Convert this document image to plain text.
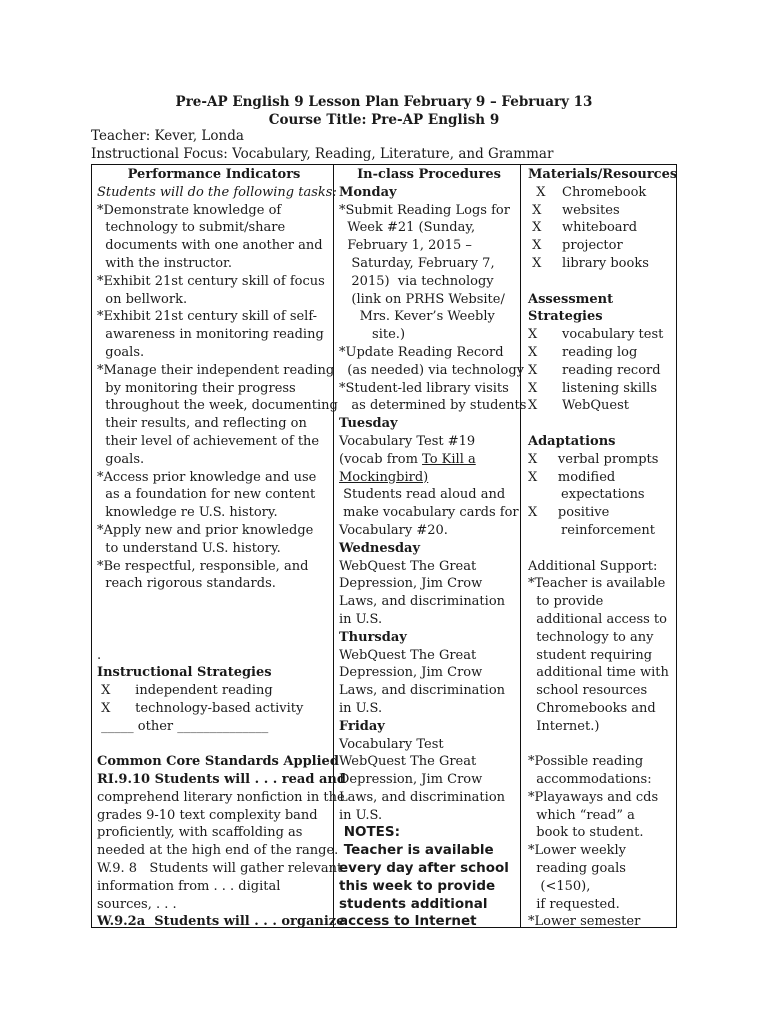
Pre-AP English 9 Lesson Plan February 9 – February 13
Course Title: Pre-AP English 9
Teacher: Kever, Londa
Instructional Focus: Vocabulary, Reading, Literature, and Grammar
Performance Indicators
Students will do the following tasks:
*Demonstrate knowledge of
technology to submit/share
documents with one another and
with the instructor.
*Exhibit 21st century skill of focus
on bellwork.
*Exhibit 21st century skill of self-
awareness in monitoring reading
goals.
*Manage their independent reading
by monitoring their progress
throughout the week, documenting
their results, and reflecting on
their level of achievement of the
goals.
*Access prior knowledge and use
as a foundation for new content
knowledge re U.S. history.
*Apply new and prior knowledge
to understand U.S. history.
*Be respectful, responsible, and
reach rigorous standards.
.
Instructional Strategies
X      independent reading
X      technology-based activity
_____ other ______________
Common Core Standards Applied
RI.9.10 Students will . . . read and
comprehend literary nonfiction in the
grades 9-10 text complexity band
proficiently, with scaffolding as
needed at the high end of the range.
W.9. 8   Students will gather relevant
information from . . . digital
sources, . . .
W.9.2a  Students will . . . organize
In-class Procedures
Monday
*Submit Reading Logs for
Week #21 (Sunday,
February 1, 2015 –
Saturday, February 7,
2015)  via technology
(link on PRHS Website/
Mrs. Kever’s Weebly
site.)
*Update Reading Record
(as needed) via technology
*Student-led library visits
as determined by students
Tuesday
Vocabulary Test #19
(vocab from To Kill a
Mockingbird)
Students read aloud and
make vocabulary cards for
Vocabulary #20.
Wednesday
WebQuest The Great
Depression, Jim Crow
Laws, and discrimination
in U.S.
Thursday
WebQuest The Great
Depression, Jim Crow
Laws, and discrimination
in U.S.
Friday
Vocabulary Test
WebQuest The Great
Depression, Jim Crow
Laws, and discrimination
in U.S.
NOTES:
Teacher is available
every day after school
this week to provide
students additional
access to Internet
Materials/Resources
X    Chromebook
X     websites
X     whiteboard
X     projector
X     library books
Assessment
Strategies
X      vocabulary test
X      reading log
X      reading record
X      listening skills
X      WebQuest
Adaptations
X     verbal prompts
X     modified
expectations
X     positive
reinforcement
Additional Support:
*Teacher is available
to provide
additional access to
technology to any
student requiring
additional time with
school resources
Chromebooks and
Internet.)
*Possible reading
accommodations:
*Playaways and cds
which “read” a
book to student.
*Lower weekly
reading goals
(<150),
if requested.
*Lower semester
